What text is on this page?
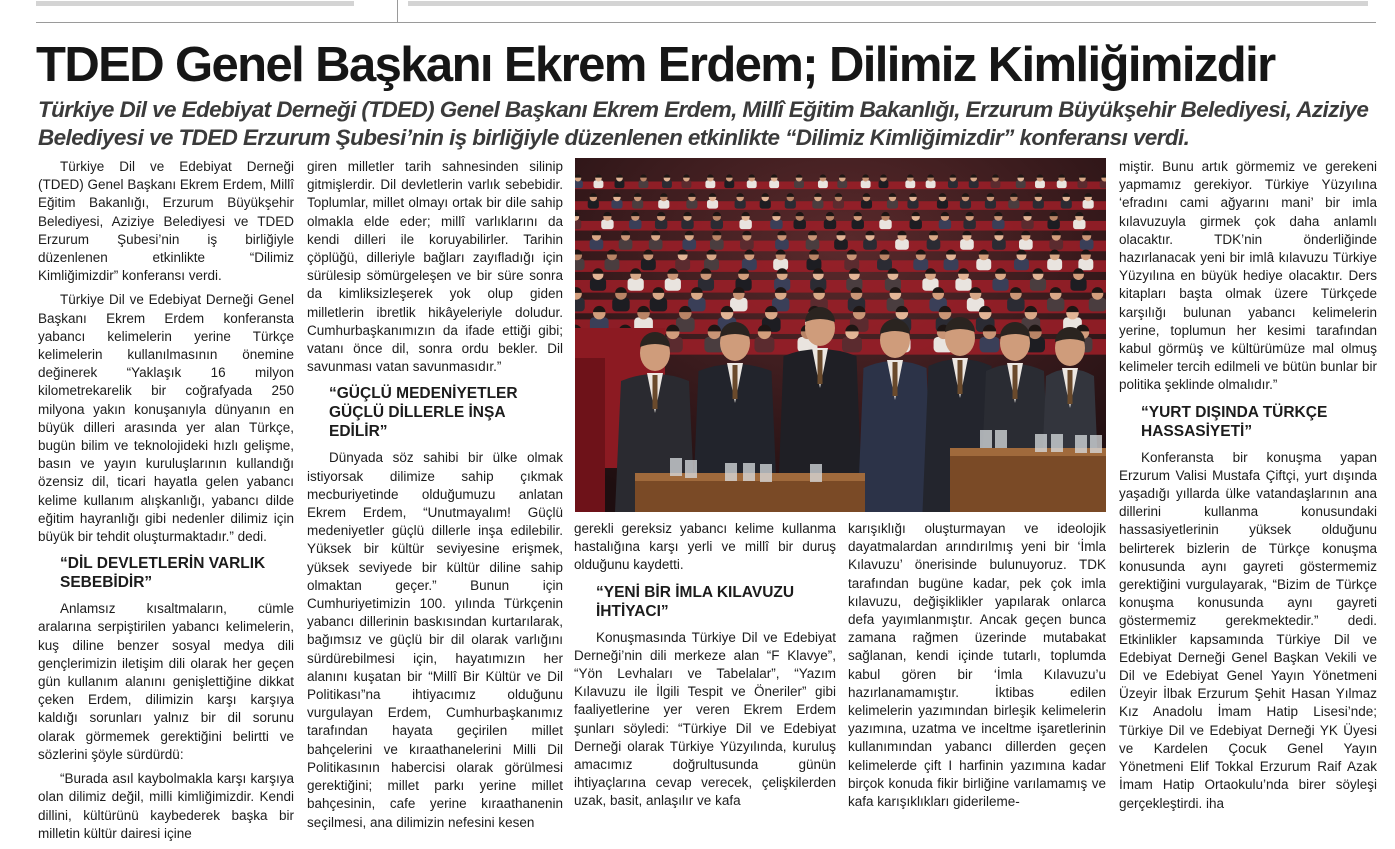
TDED Genel Başkanı Ekrem Erdem; Dilimiz Kimliğimizdir

Türkiye Dil ve Edebiyat Derneği (TDED) Genel Başkanı Ekrem Erdem, Millî Eğitim Bakanlığı, Erzurum Büyükşehir Belediyesi, Aziziye Belediyesi ve TDED Erzurum Şubesi’nin iş birliğiyle düzenlenen etkinlikte “Dilimiz Kimliğimizdir” konferansı verdi.

Türkiye Dil ve Edebiyat Derneği (TDED) Genel Başkanı Ekrem Erdem, Millî Eğitim Bakanlığı, Erzurum Büyükşehir Belediyesi, Aziziye Belediyesi ve TDED Erzurum Şubesi’nin iş birliğiyle düzenlenen etkinlikte “Dilimiz Kimliğimizdir” konferansı verdi.

Türkiye Dil ve Edebiyat Derneği Genel Başkanı Ekrem Erdem konferansta yabancı kelimelerin yerine Türkçe kelimelerin kullanılmasının önemine değinerek “Yaklaşık 16 milyon kilometrekarelik bir coğrafyada 250 milyona yakın konuşanıyla dünyanın en büyük dilleri arasında yer alan Türkçe, bugün bilim ve teknolojideki hızlı gelişme, basın ve yayın kuruluşlarının kullandığı özensiz dil, ticari hayatla gelen yabancı kelime kullanım alışkanlığı, yabancı dilde eğitim hayranlığı gibi nedenler dilimiz için büyük bir tehdit oluşturmaktadır.” dedi.

“DİL DEVLETLERİN VARLIK SEBEBİDİR”

Anlamsız kısaltmaların, cümle aralarına serpiştirilen yabancı kelimelerin, kuş diline benzer sosyal medya dili gençlerimizin iletişim dili olarak her geçen gün kullanım alanını genişlettiğine dikkat çeken Erdem, dilimizin karşı karşıya kaldığı sorunları yalnız bir dil sorunu olarak görmemek gerektiğini belirtti ve sözlerini şöyle sürdürdü:

“Burada asıl kaybolmakla karşı karşıya olan dilimiz değil, milli kimliğimizdir. Kendi dillini, kültürünü kaybederek başka bir milletin kültür dairesi içine

giren milletler tarih sahnesinden silinip gitmişlerdir. Dil devletlerin varlık sebebidir. Toplumlar, millet olmayı ortak bir dile sahip olmakla elde eder; millî varlıklarını da kendi dilleri ile koruyabilirler. Tarihin çöplüğü, dilleriyle bağları zayıfladığı için sürülesip sömürgeleşen ve bir süre sonra da kimliksizleşerek yok olup giden milletlerin ibretlik hikâyeleriyle doludur. Cumhurbaşkanımızın da ifade ettiği gibi; vatanı önce dil, sonra ordu bekler. Dil savunması vatan savunmasıdır.”

“GÜÇLÜ MEDENİYETLER GÜÇLÜ DİLLERLE İNŞA EDİLİR”

Dünyada söz sahibi bir ülke olmak istiyorsak dilimize sahip çıkmak mecburiyetinde olduğumuzu anlatan Ekrem Erdem, “Unutmayalım! Güçlü medeniyetler güçlü dillerle inşa edilebilir. Yüksek bir kültür seviyesine erişmek, yüksek seviyede bir kültür diline sahip olmaktan geçer.” Bunun için Cumhuriyetimizin 100. yılında Türkçenin yabancı dillerinin baskısından kurtarılarak, bağımsız ve güçlü bir dil olarak varlığını sürdürebilmesi için, hayatımızın her alanını kuşatan bir “Millî Bir Kültür ve Dil Politikası”na ihtiyacımız olduğunu vurgulayan Erdem, Cumhurbaşkanımız tarafından hayata geçirilen millet bahçelerini ve kıraathanelerini Milli Dil Politikasının habercisi olarak görülmesi gerektiğini; millet parkı yerine millet bahçesinin, cafe yerine kıraathanenin seçilmesi, ana dilimizin nefesini kesen

gerekli gereksiz yabancı kelime kullanma hastalığına karşı yerli ve millî bir duruş olduğunu kaydetti.

“YENİ BİR İMLA KILAVUZU İHTİYACI”

Konuşmasında Türkiye Dil ve Edebiyat Derneği’nin dili merkeze alan “F Klavye”, “Yön Levhaları ve Tabelalar”, “Yazım Kılavuzu ile İlgili Tespit ve Öneriler” gibi faaliyetlerine yer veren Ekrem Erdem şunları söyledi: “Türkiye Dil ve Edebiyat Derneği olarak Türkiye Yüzyılında, kuruluş amacımız doğrultusunda günün ihtiyaçlarına cevap verecek, çelişkilerden uzak, basit, anlaşılır ve kafa

karışıklığı oluşturmayan ve ideolojik dayatmalardan arındırılmış yeni bir ‘İmla Kılavuzu’ önerisinde bulunuyoruz. TDK tarafından bugüne kadar, pek çok imla kılavuzu, değişiklikler yapılarak onlarca defa yayımlanmıştır. Ancak geçen bunca zamana rağmen üzerinde mutabakat sağlanan, kendi içinde tutarlı, toplumda kabul gören bir ‘İmla Kılavuzu’u hazırlanamamıştır. İktibas edilen kelimelerin yazımından birleşik kelimelerin yazımına, uzatma ve inceltme işaretlerinin kullanımından yabancı dillerden geçen kelimelerde çift I harfinin yazımına kadar birçok konuda fikir birliğine varılamamış ve kafa karışıklıkları giderileme-

miştir. Bunu artık görmemiz ve gerekeni yapmamız gerekiyor. Türkiye Yüzyılına ‘efradını cami ağyarını mani’ bir imla kılavuzuyla girmek çok daha anlamlı olacaktır. TDK’nin önderliğinde hazırlanacak yeni bir imlâ kılavuzu Türkiye Yüzyılına en büyük hediye olacaktır. Ders kitapları başta olmak üzere Türkçede karşılığı bulunan yabancı kelimelerin yerine, toplumun her kesimi tarafından kabul görmüş ve kültürümüze mal olmuş kelimeler tercih edilmeli ve bütün bunlar bir politika şeklinde olmalıdır.”

“YURT DIŞINDA TÜRKÇE HASSASİYETİ”

Konferansta bir konuşma yapan Erzurum Valisi Mustafa Çiftçi, yurt dışında yaşadığı yıllarda ülke vatandaşlarının ana dillerini kullanma konusundaki hassasiyetlerinin yüksek olduğunu belirterek bizlerin de Türkçe konuşma konusunda aynı gayreti göstermemiz gerektiğini vurgulayarak, “Bizim de Türkçe konuşma konusunda aynı gayreti göstermemiz gerekmektedir.” dedi. Etkinlikler kapsamında Türkiye Dil ve Edebiyat Derneği Genel Başkan Vekili ve Dil ve Edebiyat Genel Yayın Yönetmeni Üzeyir İlbak Erzurum Şehit Hasan Yılmaz Kız Anadolu İmam Hatip Lisesi’nde; Türkiye Dil ve Edebiyat Derneği YK Üyesi ve Kardelen Çocuk Genel Yayın Yönetmeni Elif Tokkal Erzurum Raif Azak İmam Hatip Ortaokulu’nda birer söyleşi gerçekleştirdi. iha
